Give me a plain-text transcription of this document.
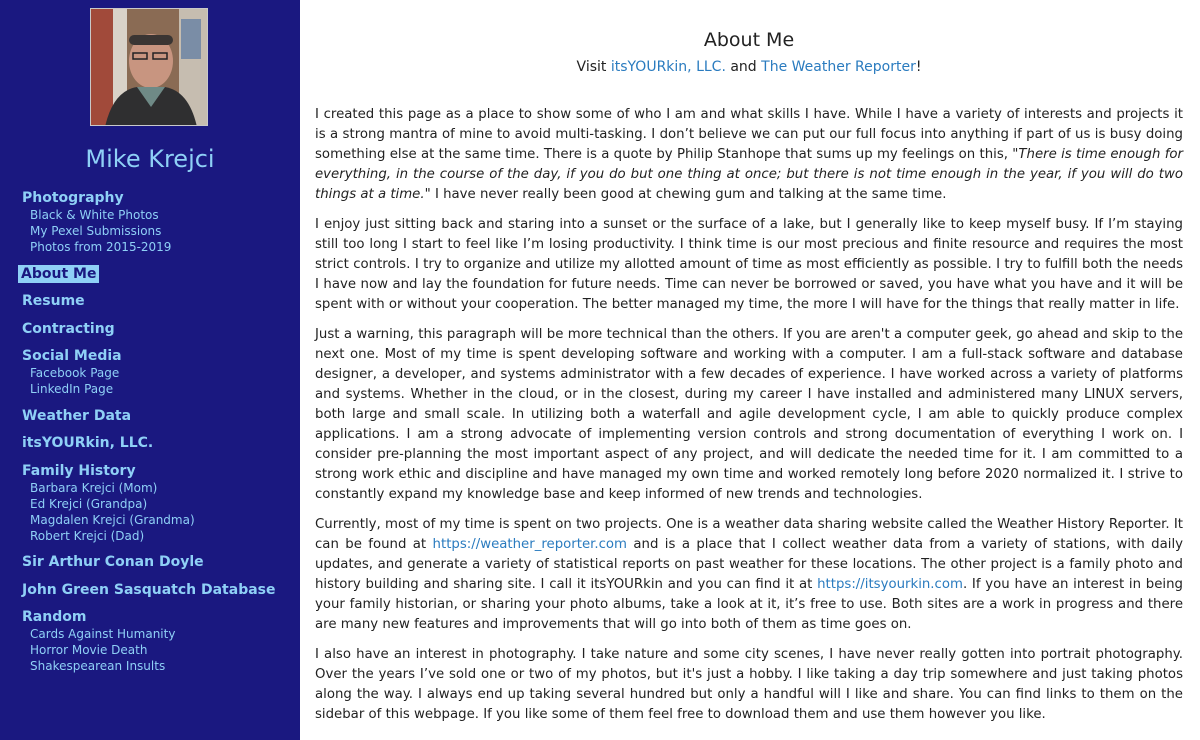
Mike Krejci
Photography
Black & White Photos
My Pexel Submissions
Photos from 2015-2019
About Me
Resume
Contracting
Social Media
Facebook Page
LinkedIn Page
Weather Data
itsYOURkin, LLC.
Family History
Barbara Krejci (Mom)
Ed Krejci (Grandpa)
Magdalen Krejci (Grandma)
Robert Krejci (Dad)
Sir Arthur Conan Doyle
John Green Sasquatch Database
Random
Cards Against Humanity
Horror Movie Death
Shakespearean Insults
About Me
Visit itsYOURkin, LLC. and The Weather Reporter!

I created this page as a place to show some of who I am and what skills I have. While I have a variety of interests and projects it is a strong mantra of mine to avoid multi-tasking. I don’t believe we can put our full focus into anything if part of us is busy doing something else at the same time. There is a quote by Philip Stanhope that sums up my feelings on this, "There is time enough for everything, in the course of the day, if you do but one thing at once; but there is not time enough in the year, if you will do two things at a time." I have never really been good at chewing gum and talking at the same time.

I enjoy just sitting back and staring into a sunset or the surface of a lake, but I generally like to keep myself busy. If I’m staying still too long I start to feel like I’m losing productivity. I think time is our most precious and finite resource and requires the most strict controls. I try to organize and utilize my allotted amount of time as most efficiently as possible. I try to fulfill both the needs I have now and lay the foundation for future needs. Time can never be borrowed or saved, you have what you have and it will be spent with or without your cooperation. The better managed my time, the more I will have for the things that really matter in life.

Just a warning, this paragraph will be more technical than the others. If you are aren't a computer geek, go ahead and skip to the next one. Most of my time is spent developing software and working with a computer. I am a full-stack software and database designer, a developer, and systems administrator with a few decades of experience. I have worked across a variety of platforms and systems. Whether in the cloud, or in the closest, during my career I have installed and administered many LINUX servers, both large and small scale. In utilizing both a waterfall and agile development cycle, I am able to quickly produce complex applications. I am a strong advocate of implementing version controls and strong documentation of everything I work on. I consider pre-planning the most important aspect of any project, and will dedicate the needed time for it. I am committed to a strong work ethic and discipline and have managed my own time and worked remotely long before 2020 normalized it. I strive to constantly expand my knowledge base and keep informed of new trends and technologies.

Currently, most of my time is spent on two projects. One is a weather data sharing website called the Weather History Reporter. It can be found at https://weather_reporter.com and is a place that I collect weather data from a variety of stations, with daily updates, and generate a variety of statistical reports on past weather for these locations. The other project is a family photo and history building and sharing site. I call it itsYOURkin and you can find it at https://itsyourkin.com. If you have an interest in being your family historian, or sharing your photo albums, take a look at it, it’s free to use. Both sites are a work in progress and there are many new features and improvements that will go into both of them as time goes on.

I also have an interest in photography. I take nature and some city scenes, I have never really gotten into portrait photography. Over the years I’ve sold one or two of my photos, but it's just a hobby. I like taking a day trip somewhere and just taking photos along the way. I always end up taking several hundred but only a handful will I like and share. You can find links to them on the sidebar of this webpage. If you like some of them feel free to download them and use them however you like.
